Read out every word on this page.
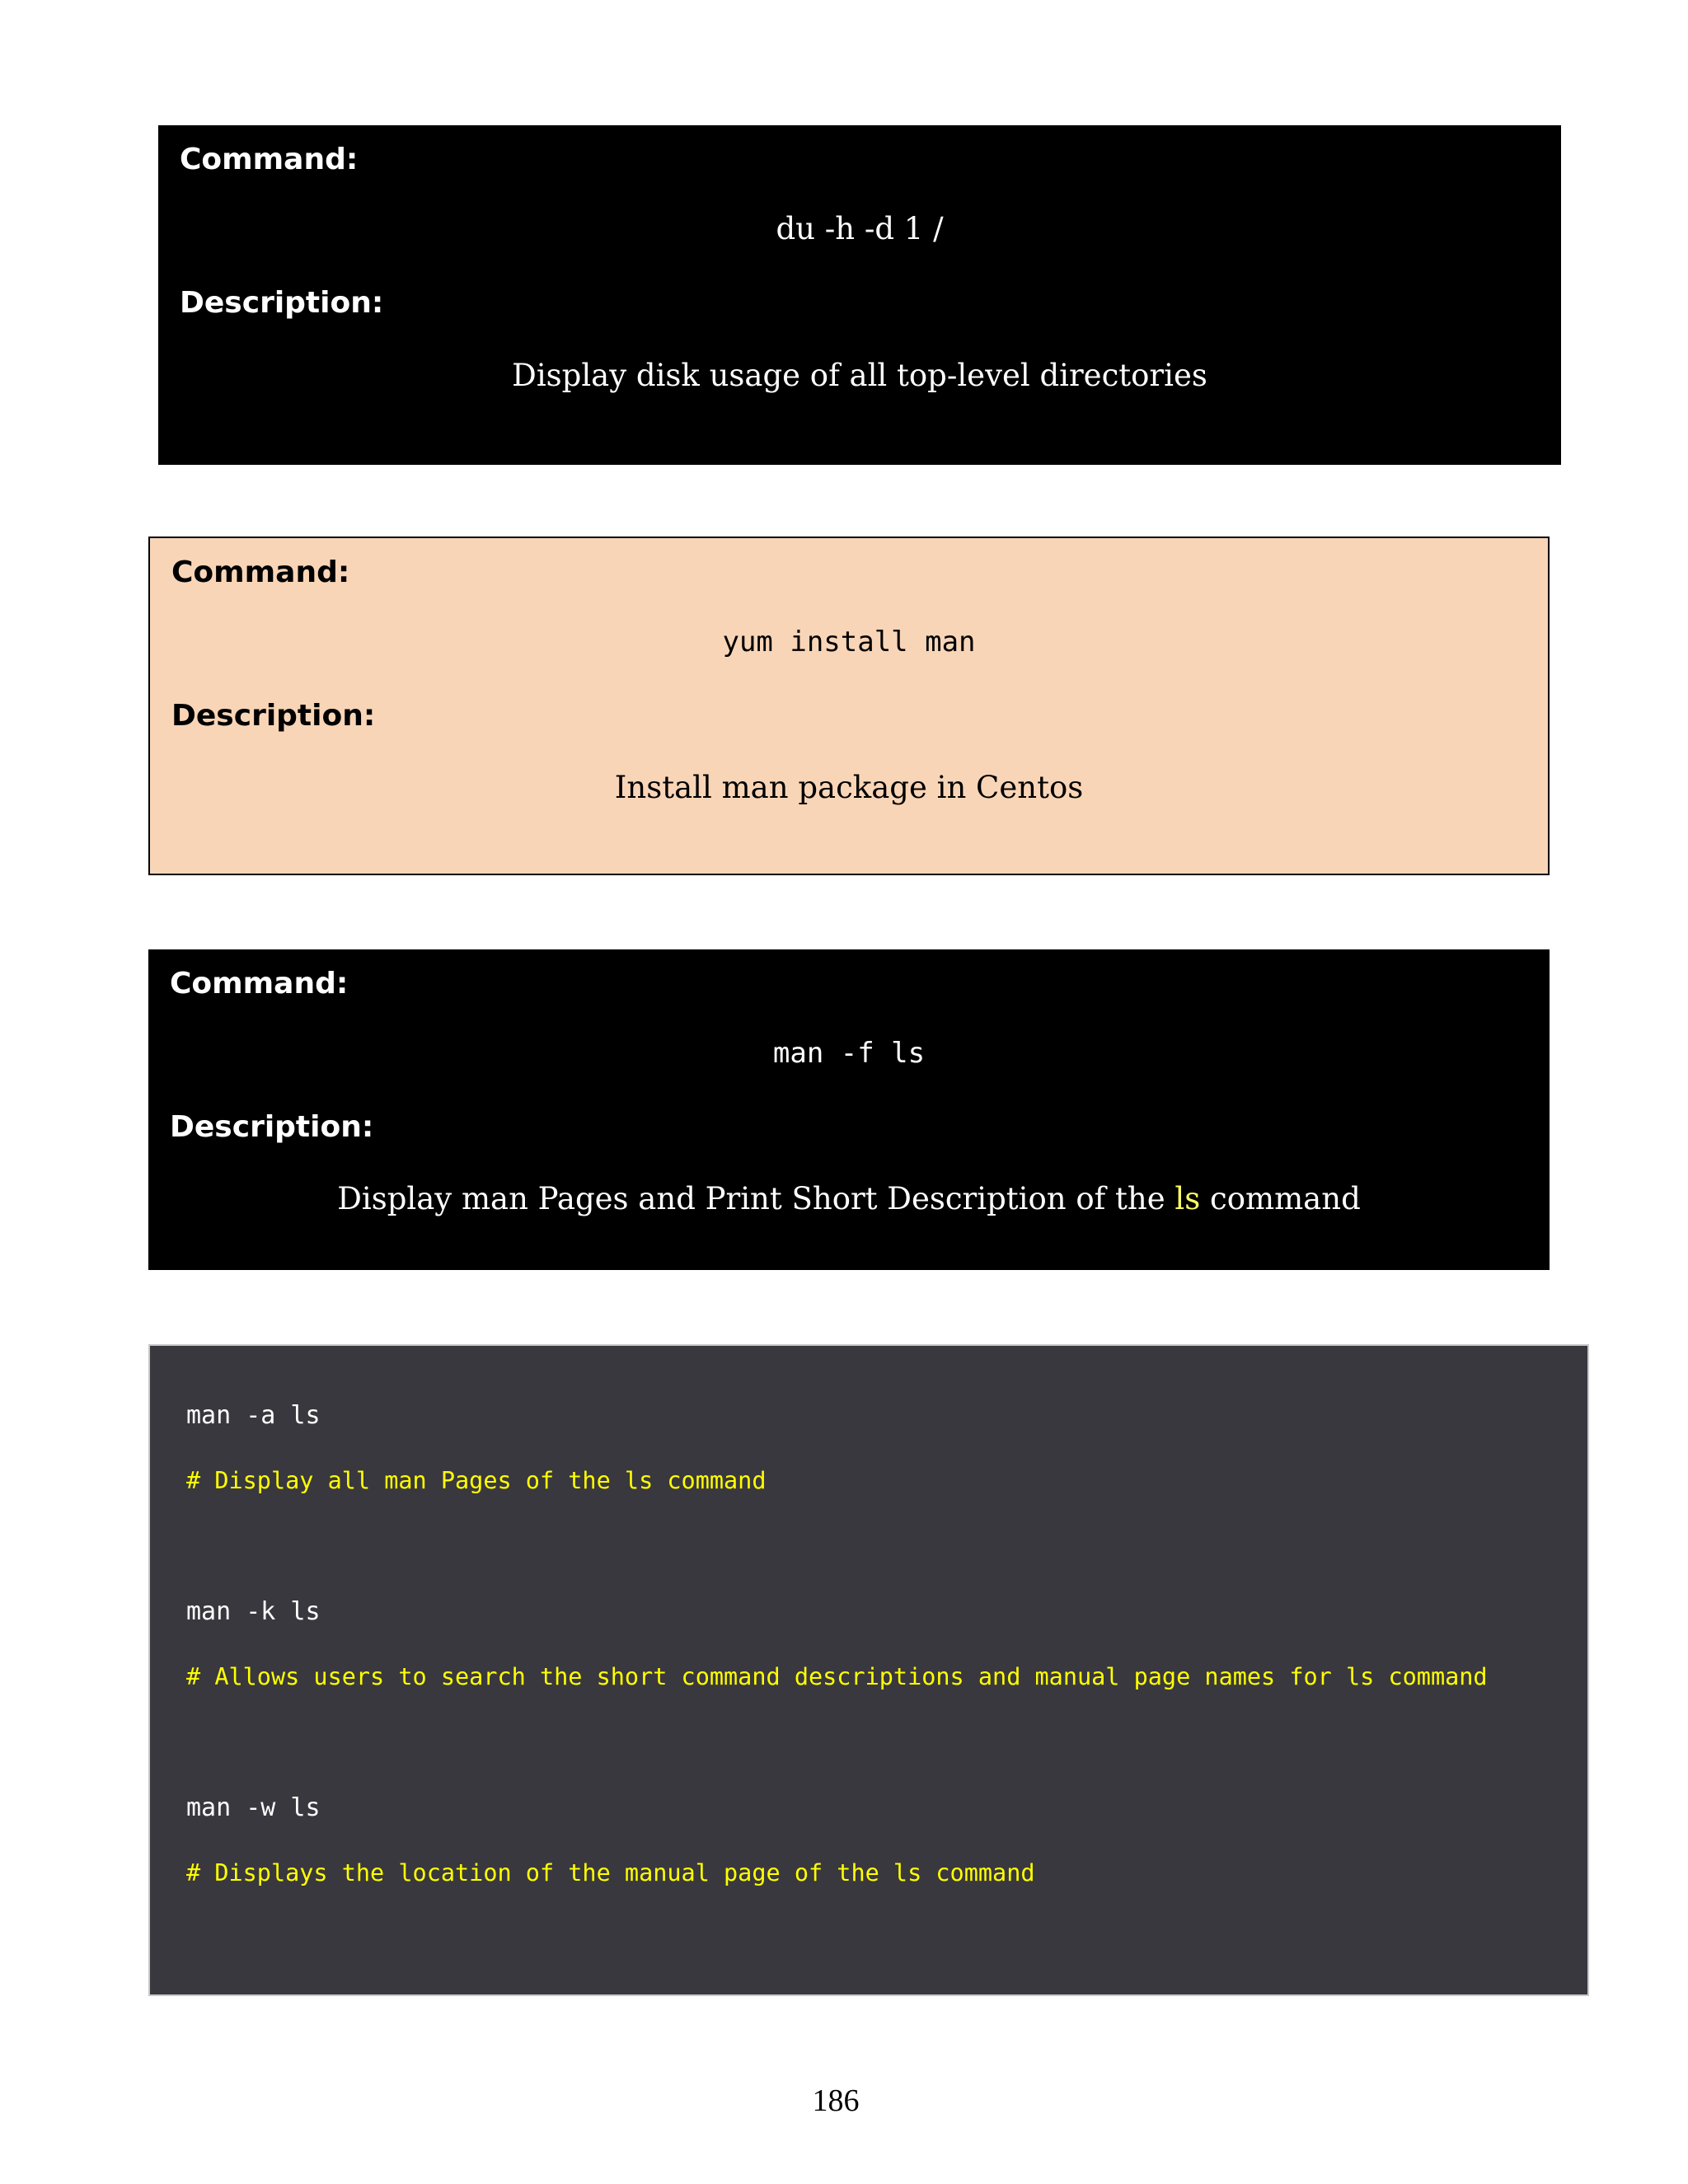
Command:
du -h -d 1 /
Description:
Display disk usage of all top-level directories
Command:
yum install man
Description:
Install man package in Centos
Command:
man -f ls
Description:
Display man Pages and Print Short Description of the ls command
man -a ls
# Display all man Pages of the ls command
man -k ls
# Allows users to search the short command descriptions and manual page names for ls command
man -w ls
# Displays the location of the manual page of the ls command
186
